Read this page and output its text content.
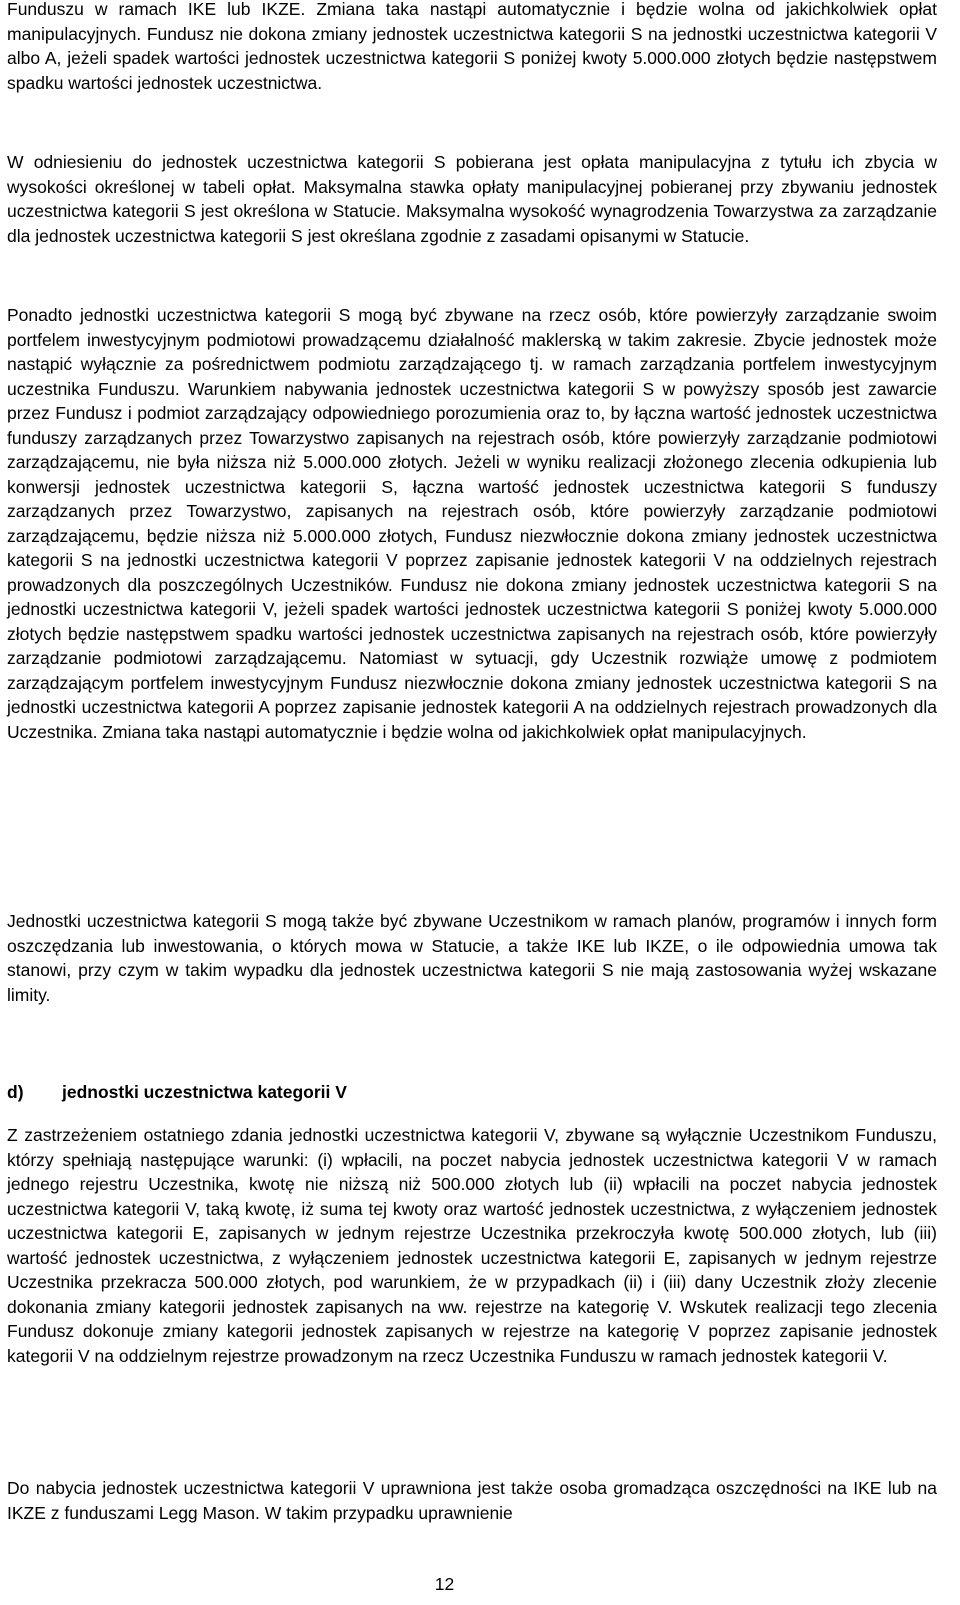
Funduszu w ramach IKE lub IKZE. Zmiana taka nastąpi automatycznie i będzie wolna od jakichkolwiek opłat manipulacyjnych. Fundusz nie dokona zmiany jednostek uczestnictwa kategorii S na jednostki uczestnictwa kategorii V albo A, jeżeli spadek wartości jednostek uczestnictwa kategorii S poniżej kwoty 5.000.000 złotych będzie następstwem spadku wartości jednostek uczestnictwa.

W odniesieniu do jednostek uczestnictwa kategorii S pobierana jest opłata manipulacyjna z tytułu ich zbycia w wysokości określonej w tabeli opłat. Maksymalna stawka opłaty manipulacyjnej pobieranej przy zbywaniu jednostek uczestnictwa kategorii S jest określona w Statucie. Maksymalna wysokość wynagrodzenia Towarzystwa za zarządzanie dla jednostek uczestnictwa kategorii S jest określana zgodnie z zasadami opisanymi w Statucie.

Ponadto jednostki uczestnictwa kategorii S mogą być zbywane na rzecz osób, które powierzyły zarządzanie swoim portfelem inwestycyjnym podmiotowi prowadzącemu działalność maklerską w takim zakresie. Zbycie jednostek może nastąpić wyłącznie za pośrednictwem podmiotu zarządzającego tj. w ramach zarządzania portfelem inwestycyjnym uczestnika Funduszu. Warunkiem nabywania jednostek uczestnictwa kategorii S w powyższy sposób jest zawarcie przez Fundusz i podmiot zarządzający odpowiedniego porozumienia oraz to, by łączna wartość jednostek uczestnictwa funduszy zarządzanych przez Towarzystwo zapisanych na rejestrach osób, które powierzyły zarządzanie podmiotowi zarządzającemu, nie była niższa niż 5.000.000 złotych. Jeżeli w wyniku realizacji złożonego zlecenia odkupienia lub konwersji jednostek uczestnictwa kategorii S, łączna wartość jednostek uczestnictwa kategorii S funduszy zarządzanych przez Towarzystwo, zapisanych na rejestrach osób, które powierzyły zarządzanie podmiotowi zarządzającemu, będzie niższa niż 5.000.000 złotych, Fundusz niezwłocznie dokona zmiany jednostek uczestnictwa kategorii S na jednostki uczestnictwa kategorii V poprzez zapisanie jednostek kategorii V na oddzielnych rejestrach prowadzonych dla poszczególnych Uczestników. Fundusz nie dokona zmiany jednostek uczestnictwa kategorii S na jednostki uczestnictwa kategorii V, jeżeli spadek wartości jednostek uczestnictwa kategorii S poniżej kwoty 5.000.000 złotych będzie następstwem spadku wartości jednostek uczestnictwa zapisanych na rejestrach osób, które powierzyły zarządzanie podmiotowi zarządzającemu. Natomiast w sytuacji, gdy Uczestnik rozwiąże umowę z podmiotem zarządzającym portfelem inwestycyjnym Fundusz niezwłocznie dokona zmiany jednostek uczestnictwa kategorii S na jednostki uczestnictwa kategorii A poprzez zapisanie jednostek kategorii A na oddzielnych rejestrach prowadzonych dla Uczestnika. Zmiana taka nastąpi automatycznie i będzie wolna od jakichkolwiek opłat manipulacyjnych.

Jednostki uczestnictwa kategorii S mogą także być zbywane Uczestnikom w ramach planów, programów i innych form oszczędzania lub inwestowania, o których mowa w Statucie, a także IKE lub IKZE, o ile odpowiednia umowa tak stanowi, przy czym w takim wypadku dla jednostek uczestnictwa kategorii S nie mają zastosowania wyżej wskazane limity.

d) jednostki uczestnictwa kategorii V

Z zastrzeżeniem ostatniego zdania jednostki uczestnictwa kategorii V, zbywane są wyłącznie Uczestnikom Funduszu, którzy spełniają następujące warunki: (i) wpłacili, na poczet nabycia jednostek uczestnictwa kategorii V w ramach jednego rejestru Uczestnika, kwotę nie niższą niż 500.000 złotych lub (ii) wpłacili na poczet nabycia jednostek uczestnictwa kategorii V, taką kwotę, iż suma tej kwoty oraz wartość jednostek uczestnictwa, z wyłączeniem jednostek uczestnictwa kategorii E, zapisanych w jednym rejestrze Uczestnika przekroczyła kwotę 500.000 złotych, lub (iii) wartość jednostek uczestnictwa, z wyłączeniem jednostek uczestnictwa kategorii E, zapisanych w jednym rejestrze Uczestnika przekracza 500.000 złotych, pod warunkiem, że w przypadkach (ii) i (iii) dany Uczestnik złoży zlecenie dokonania zmiany kategorii jednostek zapisanych na ww. rejestrze na kategorię V. Wskutek realizacji tego zlecenia Fundusz dokonuje zmiany kategorii jednostek zapisanych w rejestrze na kategorię V poprzez zapisanie jednostek kategorii V na oddzielnym rejestrze prowadzonym na rzecz Uczestnika Funduszu w ramach jednostek kategorii V.

Do nabycia jednostek uczestnictwa kategorii V uprawniona jest także osoba gromadząca oszczędności na IKE lub na IKZE z funduszami Legg Mason. W takim przypadku uprawnienie

12
